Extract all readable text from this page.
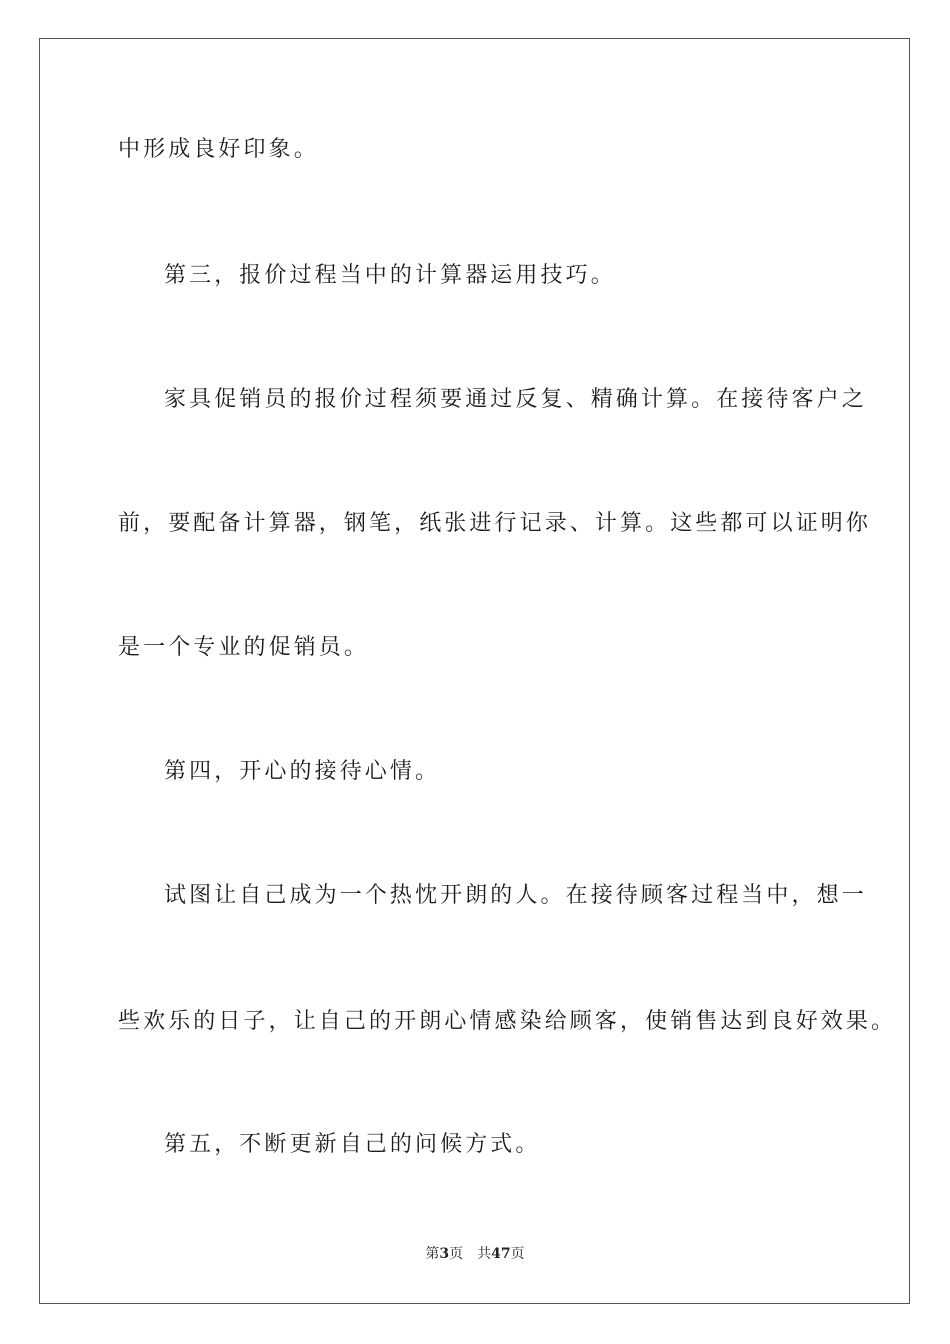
中形成良好印象。
第三，报价过程当中的计算器运用技巧。
家具促销员的报价过程须要通过反复、精确计算。在接待客户之
前，要配备计算器，钢笔，纸张进行记录、计算。这些都可以证明你
是一个专业的促销员。
第四，开心的接待心情。
试图让自己成为一个热忱开朗的人。在接待顾客过程当中，想一
些欢乐的日子，让自己的开朗心情感染给顾客，使销售达到良好效果。
第五，不断更新自己的问候方式。
第3页 共47页
